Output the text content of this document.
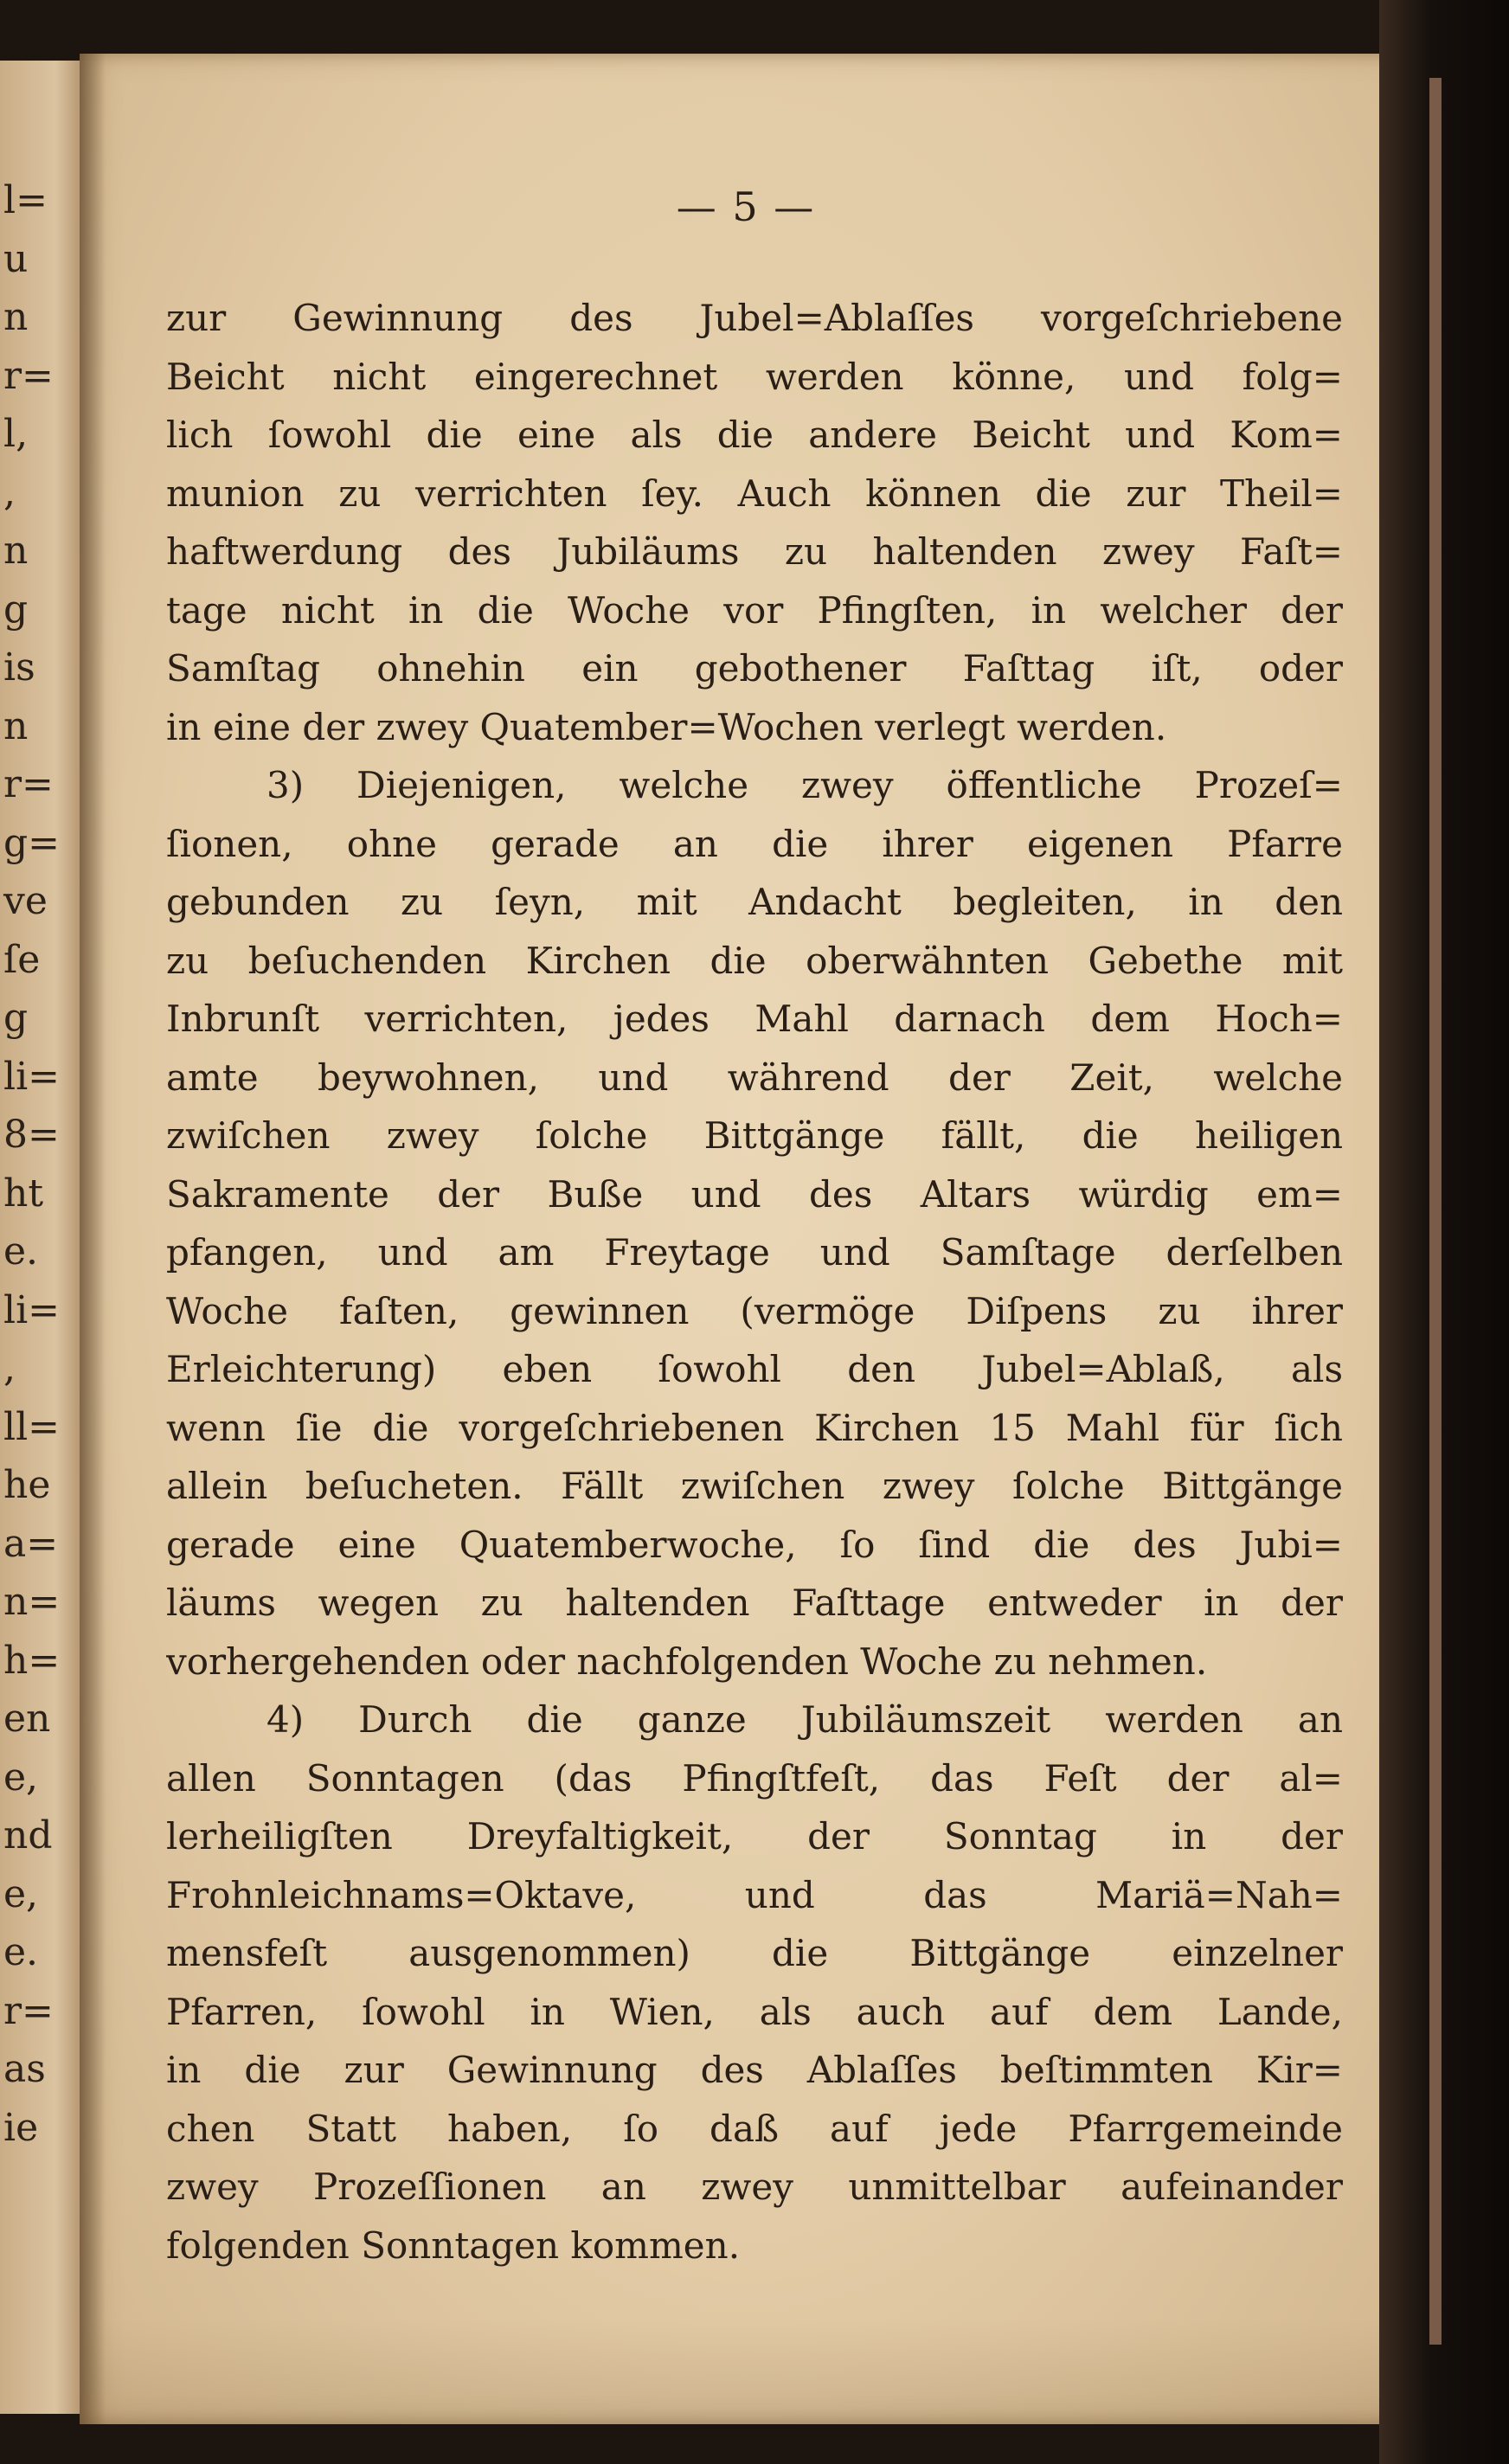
l=
u
n
r=
l,
,
n
g
is
n
r=
g=
ve
ſe
g
li=
8=
ht
e.
li=
,
ll=
he
a=
n=
h=
en
e,
nd
e,
e.
r=
as
ie
— 5 —
zur Gewinnung des Jubel=Ablaſſes vorgeſchriebene
Beicht nicht eingerechnet werden könne, und folg=
lich ſowohl die eine als die andere Beicht und Kom=
munion zu verrichten ſey. Auch können die zur Theil=
haftwerdung des Jubiläums zu haltenden zwey Faſt=
tage nicht in die Woche vor Pfingſten, in welcher der
Samſtag ohnehin ein gebothener Faſttag iſt, oder
in eine der zwey Quatember=Wochen verlegt werden.
3) Diejenigen, welche zwey öffentliche Prozeſ=
ſionen, ohne gerade an die ihrer eigenen Pfarre
gebunden zu ſeyn, mit Andacht begleiten, in den
zu beſuchenden Kirchen die oberwähnten Gebethe mit
Inbrunſt verrichten, jedes Mahl darnach dem Hoch=
amte beywohnen, und während der Zeit, welche
zwiſchen zwey ſolche Bittgänge fällt, die heiligen
Sakramente der Buße und des Altars würdig em=
pfangen, und am Freytage und Samſtage derſelben
Woche faſten, gewinnen (vermöge Diſpens zu ihrer
Erleichterung) eben ſowohl den Jubel=Ablaß, als
wenn ſie die vorgeſchriebenen Kirchen 15 Mahl für ſich
allein beſucheten. Fällt zwiſchen zwey ſolche Bittgänge
gerade eine Quatemberwoche, ſo ſind die des Jubi=
läums wegen zu haltenden Faſttage entweder in der
vorhergehenden oder nachfolgenden Woche zu nehmen.
4) Durch die ganze Jubiläumszeit werden an
allen Sonntagen (das Pfingſtfeſt, das Feſt der al=
lerheiligſten Dreyfaltigkeit, der Sonntag in der
Frohnleichnams=Oktave, und das Mariä=Nah=
mensfeſt ausgenommen) die Bittgänge einzelner
Pfarren, ſowohl in Wien, als auch auf dem Lande,
in die zur Gewinnung des Ablaſſes beſtimmten Kir=
chen Statt haben, ſo daß auf jede Pfarrgemeinde
zwey Prozeſſionen an zwey unmittelbar aufeinander
folgenden Sonntagen kommen.
